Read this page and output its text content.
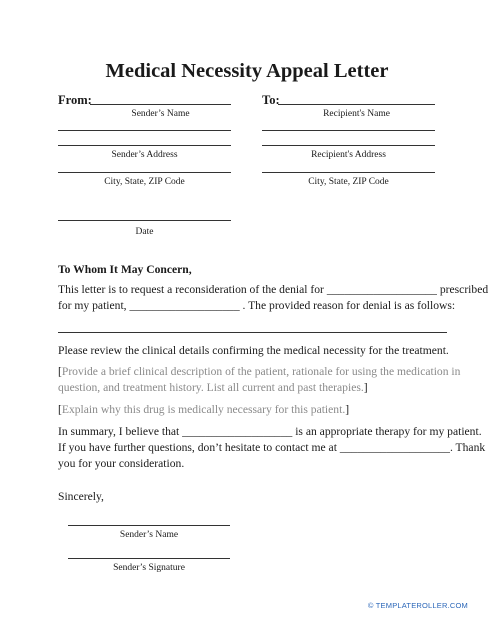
Medical Necessity Appeal Letter
From:
Sender’s Name
To:
Recipient's Name
Sender’s Address	Recipient's Address
City, State, ZIP Code	City, State, ZIP Code
Date
To Whom It May Concern,
This letter is to request a reconsideration of the denial for ___________________ prescribed
for my patient, ___________________ . The provided reason for denial is as follows:
Please review the clinical details confirming the medical necessity for the treatment.
[Provide a brief clinical description of the patient, rationale for using the medication in
question, and treatment history. List all current and past therapies.]
[Explain why this drug is medically necessary for this patient.]
In summary, I believe that ___________________ is an appropriate therapy for my patient.
If you have further questions, don’t hesitate to contact me at ___________________. Thank
you for your consideration.
Sincerely,
Sender’s Name
Sender’s Signature
© TEMPLATEROLLER.COM
